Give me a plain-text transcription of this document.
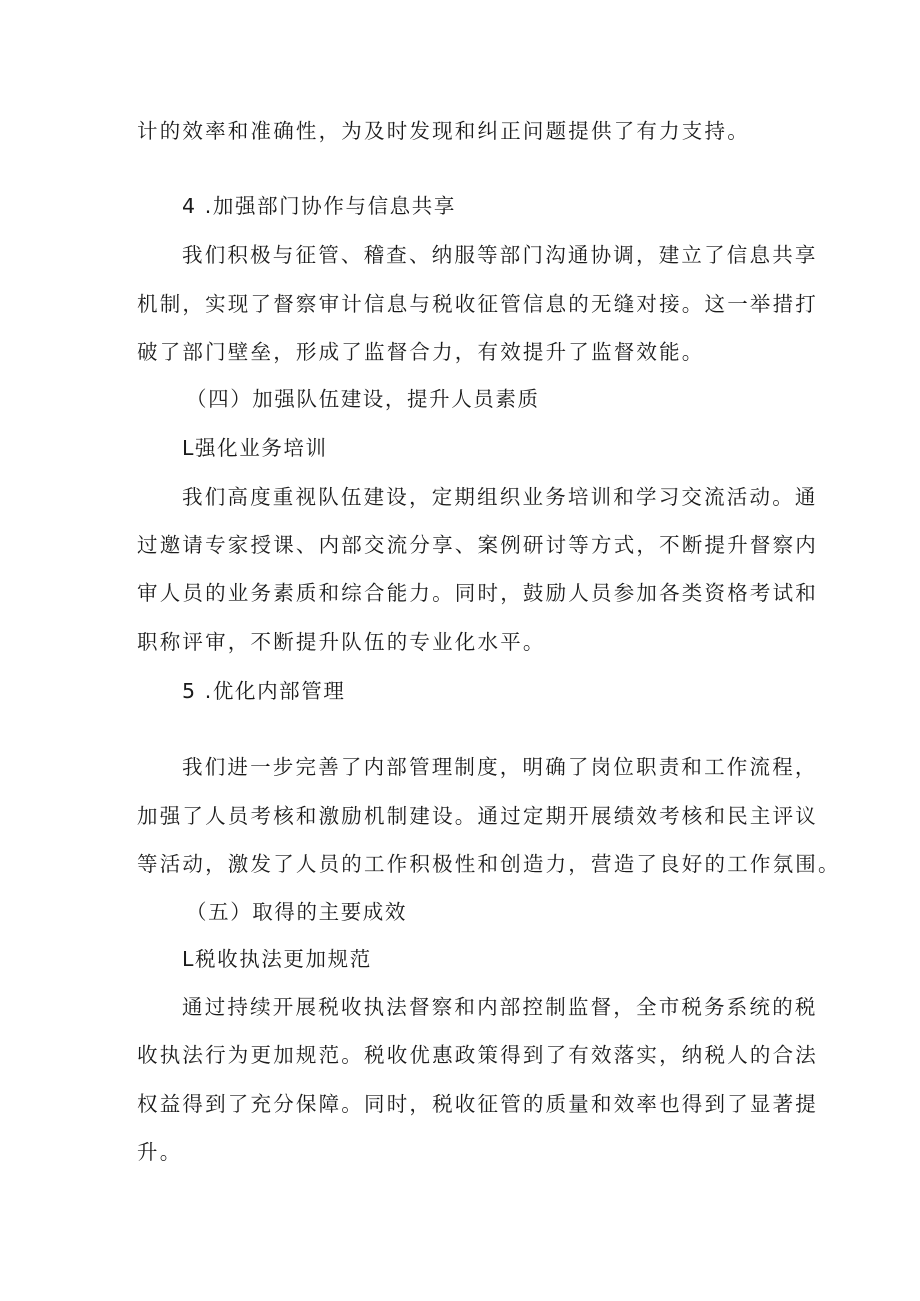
计的效率和准确性，为及时发现和纠正问题提供了有力支持。
4 .加强部门协作与信息共享
我们积极与征管、稽查、纳服等部门沟通协调，建立了信息共享
机制，实现了督察审计信息与税收征管信息的无缝对接。这一举措打
破了部门壁垒，形成了监督合力，有效提升了监督效能。
（四）加强队伍建设，提升人员素质
L强化业务培训
我们高度重视队伍建设，定期组织业务培训和学习交流活动。通
过邀请专家授课、内部交流分享、案例研讨等方式，不断提升督察内
审人员的业务素质和综合能力。同时，鼓励人员参加各类资格考试和
职称评审，不断提升队伍的专业化水平。
5 .优化内部管理
我们进一步完善了内部管理制度，明确了岗位职责和工作流程，
加强了人员考核和激励机制建设。通过定期开展绩效考核和民主评议
等活动，激发了人员的工作积极性和创造力，营造了良好的工作氛围。
（五）取得的主要成效
L税收执法更加规范
通过持续开展税收执法督察和内部控制监督，全市税务系统的税
收执法行为更加规范。税收优惠政策得到了有效落实，纳税人的合法
权益得到了充分保障。同时，税收征管的质量和效率也得到了显著提
升。
